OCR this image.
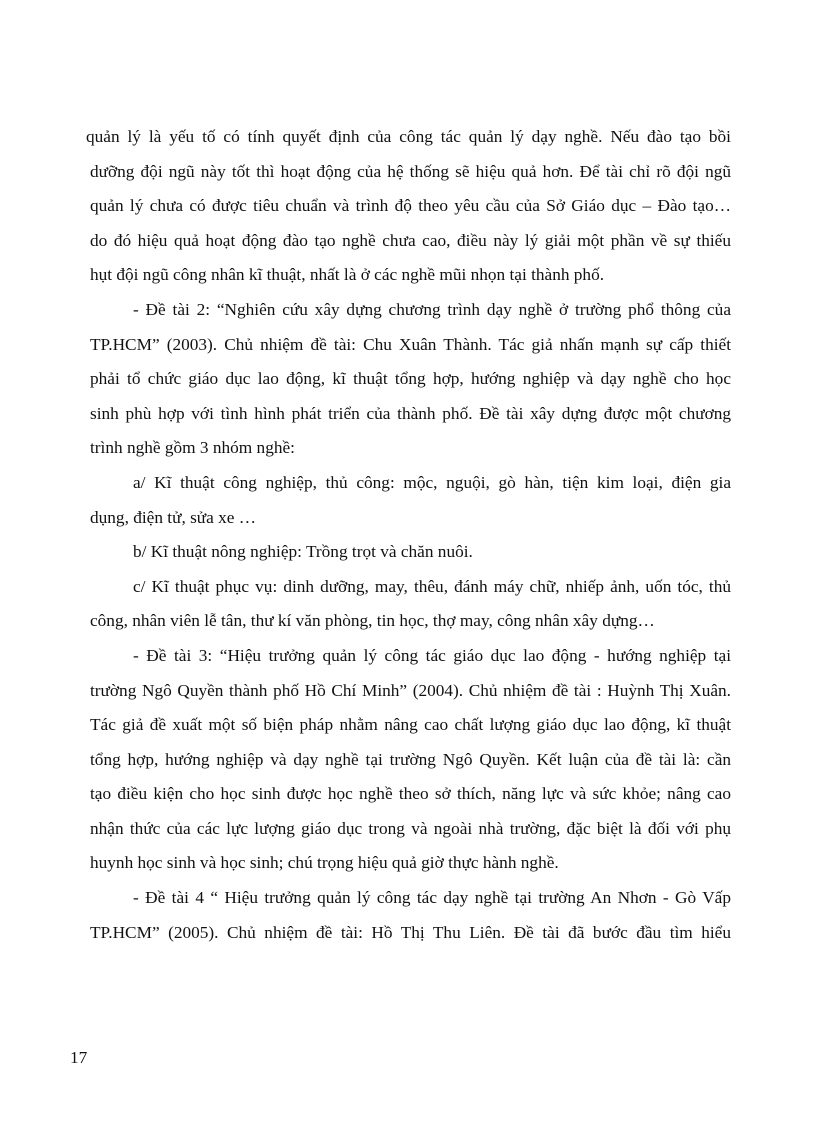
quản lý là yếu tố có tính quyết định của công tác quản lý dạy nghề. Nếu đào tạo bồi
dưỡng đội ngũ này tốt thì hoạt động của hệ thống sẽ hiệu quả hơn. Để tài chỉ rõ đội ngũ
quản lý chưa có được tiêu chuẩn và trình độ theo yêu cầu của Sở Giáo dục – Đào tạo…
do đó hiệu quả hoạt động đào tạo nghề chưa cao, điều này lý giải một phần về sự thiếu
hụt đội ngũ công nhân kĩ thuật, nhất là ở các nghề mũi nhọn tại thành phố.
- Đề tài 2: “Nghiên cứu xây dựng chương trình dạy nghề ở trường phổ thông của
TP.HCM” (2003). Chủ nhiệm đề tài: Chu Xuân Thành. Tác giả nhấn mạnh sự cấp thiết
phải tổ chức giáo dục lao động, kĩ thuật tổng hợp, hướng nghiệp và dạy nghề cho học
sinh phù hợp với tình hình phát triển của thành phố. Đề tài xây dựng được một chương
trình nghề gồm 3 nhóm nghề:
a/ Kĩ thuật công nghiệp, thủ công: mộc, nguội, gò hàn, tiện kim loại, điện gia
dụng, điện tử, sửa xe …
b/ Kĩ thuật nông nghiệp: Trồng trọt và chăn nuôi.
c/ Kĩ thuật phục vụ: dinh dưỡng, may, thêu, đánh máy chữ, nhiếp ảnh, uốn tóc, thủ
công, nhân viên lễ tân, thư kí văn phòng, tin học, thợ may, công nhân xây dựng…
- Đề tài 3: “Hiệu trưởng quản lý công tác giáo dục lao động - hướng nghiệp tại
trường Ngô Quyền thành phố Hồ Chí Minh” (2004). Chủ nhiệm đề tài : Huỳnh Thị Xuân.
Tác giả đề xuất một số biện pháp nhằm nâng cao chất lượng giáo dục lao động, kĩ thuật
tổng hợp, hướng nghiệp và dạy nghề tại trường Ngô Quyền. Kết luận của đề tài là: cần
tạo điều kiện cho học sinh được học nghề theo sở thích, năng lực và sức khỏe; nâng cao
nhận thức của các lực lượng giáo dục trong và ngoài nhà trường, đặc biệt là đối với phụ
huynh học sinh và học sinh; chú trọng hiệu quả giờ thực hành nghề.
- Đề tài 4 “ Hiệu trưởng quản lý công tác dạy nghề tại trường An Nhơn - Gò Vấp
TP.HCM” (2005). Chủ nhiệm đề tài: Hồ Thị Thu Liên. Đề tài đã bước đầu tìm hiểu
17
